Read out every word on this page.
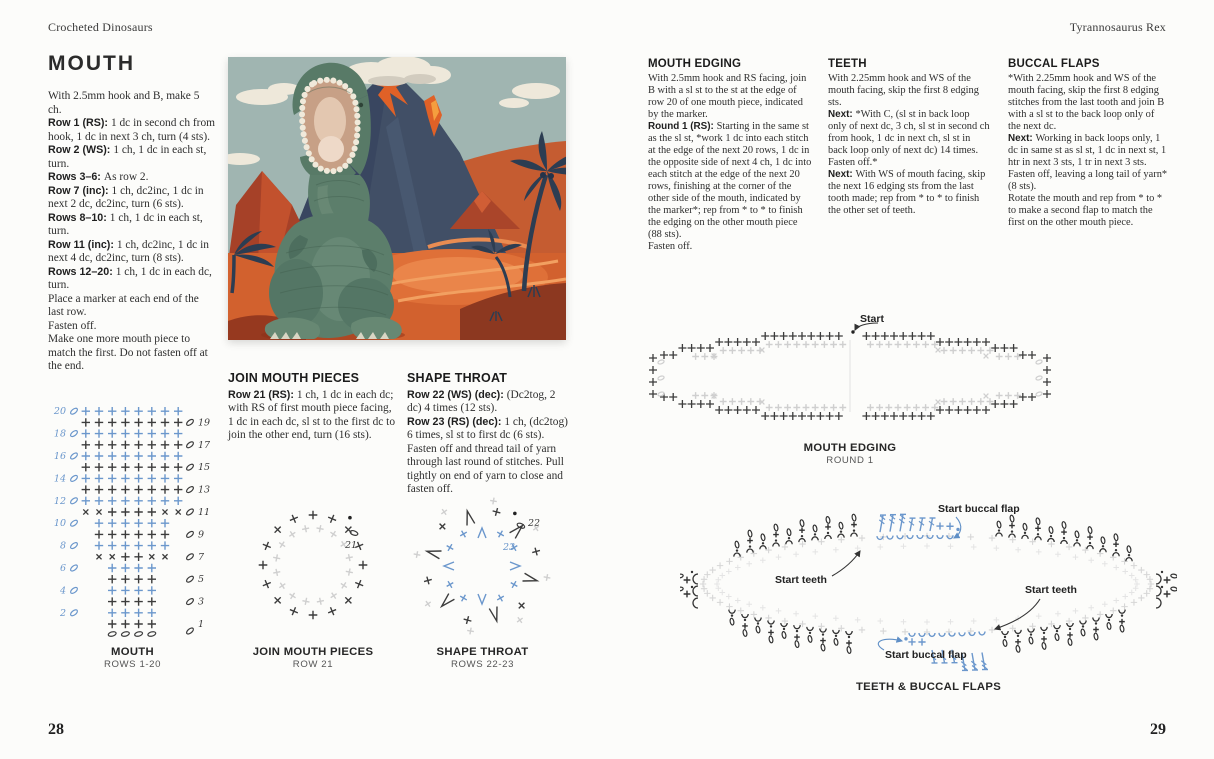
Crocheted Dinosaurs	Tyrannosaurus Rex
MOUTH

With 2.5mm hook and B, make 5 ch.

Row 1 (RS): 1 dc in second ch from hook, 1 dc in next 3 ch, turn (4 sts).

Row 2 (WS): 1 ch, 1 dc in each st, turn.

Rows 3–6: As row 2.

Row 7 (inc): 1 ch, dc2inc, 1 dc in next 2 dc, dc2inc, turn (6 sts).

Rows 8–10: 1 ch, 1 dc in each st, turn.

Row 11 (inc): 1 ch, dc2inc, 1 dc in next 4 dc, dc2inc, turn (8 sts).

Rows 12–20: 1 ch, 1 dc in each dc, turn.

Place a marker at each end of the last row.

Fasten off.

Make one more mouth piece to match the first. Do not fasten off at the end.

1
2
3
4
5
6
7
8
9
10
11
12
13
14
15
16
17
18
19
20
MOUTH
ROWS 1-20
JOIN MOUTH PIECES

Row 21 (RS): 1 ch, 1 dc in each dc; with RS of first mouth piece facing, 1 dc in each dc, sl st to the first dc to join the other end, turn (16 sts).

SHAPE THROAT

Row 22 (WS) (dec): (Dc2tog, 2 dc) 4 times (12 sts).

Row 23 (RS) (dec): 1 ch, (dc2tog) 6 times, sl st to first dc (6 sts).

Fasten off and thread tail of yarn through last round of stitches. Pull tightly on end of yarn to close and fasten off.

21
JOIN MOUTH PIECES
ROW 21
23
22
SHAPE THROAT
ROWS 22-23
MOUTH EDGING

With 2.5mm hook and RS facing, join B with a sl st to the st at the edge of row 20 of one mouth piece, indicated by the marker.

Round 1 (RS): Starting in the same st as the sl st, *work 1 dc into each stitch at the edge of the next 20 rows, 1 dc in the opposite side of next 4 ch, 1 dc into each stitch at the edge of the next 20 rows, finishing at the corner of the other side of the mouth, indicated by the marker*; rep from * to * to finish the edging on the other mouth piece (88 sts).

Fasten off.

TEETH

With 2.25mm hook and WS of the mouth facing, skip the first 8 edging sts.

Next: *With C, (sl st in back loop only of next dc, 3 ch, sl st in second ch from hook, 1 dc in next ch, sl st in back loop only of next dc) 14 times. Fasten off.*

Next: With WS of mouth facing, skip the next 16 edging sts from the last tooth made; rep from * to * to finish the other set of teeth.

BUCCAL FLAPS

*With 2.25mm hook and WS of the mouth facing, skip the first 8 edging stitches from the last tooth and join B with a sl st to the back loop only of the next dc.

Next: Working in back loops only, 1 dc in same st as sl st, 1 dc in next st, 1 htr in next 3 sts, 1 tr in next 3 sts. Fasten off, leaving a long tail of yarn* (8 sts).

Rotate the mouth and rep from * to * to make a second flap to match the first on the other mouth piece.

Start
MOUTH EDGING
ROUND 1
Start buccal flap
Start teeth
Start teeth
Start buccal flap
TEETH & BUCCAL FLAPS
28	29
